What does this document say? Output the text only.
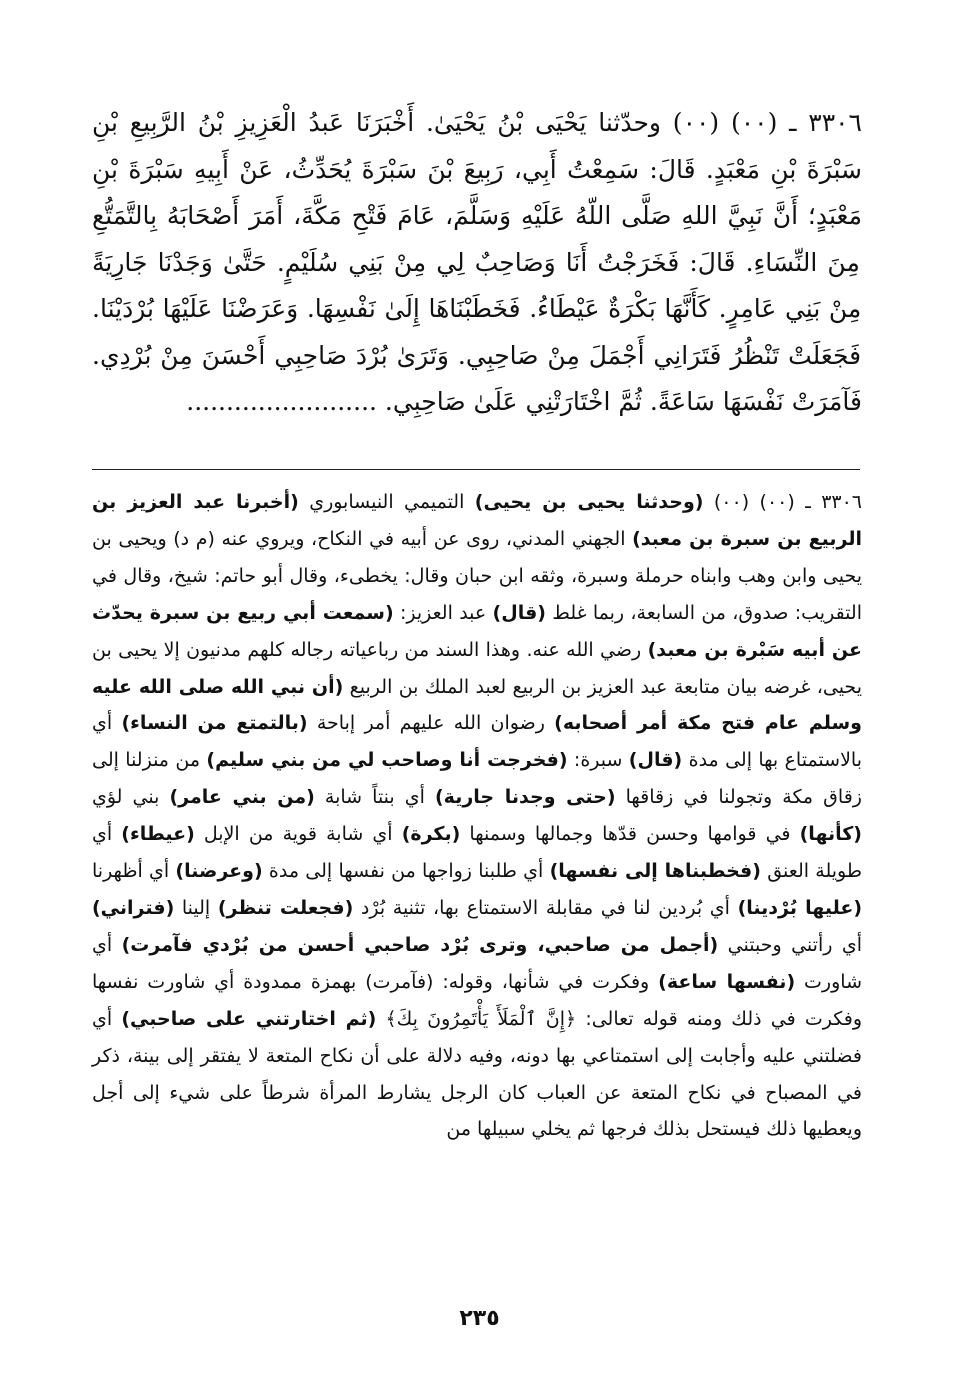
٣٣٠٦ ـ (٠٠) (٠٠) وحدّثنا يَحْيَى بْنُ يَحْيَىٰ. أَخْبَرَنَا عَبدُ الْعَزِيزِ بْنُ الرَّبِيعِ بْنِ سَبْرَةَ بْنِ مَعْبَدٍ. قَالَ: سَمِعْتُ أَبِي، رَبِيعَ بْنَ سَبْرَةَ يُحَدِّثُ، عَنْ أَبِيهِ سَبْرَةَ بْنِ مَعْبَدٍ؛ أَنَّ نَبِيَّ اللهِ صَلَّى اللّهُ عَلَيْهِ وَسَلَّمَ، عَامَ فَتْحِ مَكَّةَ، أَمَرَ أَصْحَابَهُ بِالتَّمَتُّعِ مِنَ النِّسَاءِ. قَالَ: فَخَرَجْتُ أَنَا وَصَاحِبٌ لِي مِنْ بَنِي سُلَيْمٍ. حَتَّىٰ وَجَدْنَا جَارِيَةً مِنْ بَنِي عَامِرٍ. كَأَنَّهَا بَكْرَةٌ عَيْطَاءُ. فَخَطَبْنَاهَا إِلَىٰ نَفْسِهَا. وَعَرَضْنَا عَلَيْهَا بُرْدَيْنَا. فَجَعَلَتْ تَنْظُرُ فَتَرَانِي أَجْمَلَ مِنْ صَاحِبِي. وَتَرَىٰ بُرْدَ صَاحِبِي أَحْسَنَ مِنْ بُرْدِي. فَآمَرَتْ نَفْسَهَا سَاعَةً. ثُمَّ اخْتَارَتْنِي عَلَىٰ صَاحِبِي. ........................

٣٣٠٦ ـ (٠٠) (٠٠) (وحدثنا يحيى بن يحيى) التميمي النيسابوري (أخبرنا عبد العزيز بن الربيع بن سبرة بن معبد) الجهني المدني، روى عن أبيه في النكاح، ويروي عنه (م د) ويحيى بن يحيى وابن وهب وابناه حرملة وسبرة، وثقه ابن حبان وقال: يخطىء، وقال أبو حاتم: شيخ، وقال في التقريب: صدوق، من السابعة، ربما غلط (قال) عبد العزيز: (سمعت أبي ربيع بن سبرة يحدّث عن أبيه سَبْرة بن معبد) رضي الله عنه. وهذا السند من رباعياته رجاله كلهم مدنيون إلا يحيى بن يحيى، غرضه بيان متابعة عبد العزيز بن الربيع لعبد الملك بن الربيع (أن نبي الله صلى الله عليه وسلم عام فتح مكة أمر أصحابه) رضوان الله عليهم أمر إباحة (بالتمتع من النساء) أي بالاستمتاع بها إلى مدة (قال) سبرة: (فخرجت أنا وصاحب لي من بني سليم) من منزلنا إلى زقاق مكة وتجولنا في زقاقها (حتى وجدنا جارية) أي بنتاً شابة (من بني عامر) بني لؤي (كأنها) في قوامها وحسن قدّها وجمالها وسمنها (بكرة) أي شابة قوية من الإبل (عيطاء) أي طويلة العنق (فخطبناها إلى نفسها) أي طلبنا زواجها من نفسها إلى مدة (وعرضنا) أي أظهرنا (عليها بُرْدينا) أي بُردين لنا في مقابلة الاستمتاع بها، تثنية بُرْد (فجعلت تنظر) إلينا (فتراني) أي رأتني وحبتني (أجمل من صاحبي، وترى بُرْد صاحبي أحسن من بُرْدي فآمرت) أي شاورت (نفسها ساعة) وفكرت في شأنها، وقوله: (فآمرت) بهمزة ممدودة أي شاورت نفسها وفكرت في ذلك ومنه قوله تعالى: ﴿إِنَّ ٱلْمَلَأَ يَأْتَمِرُونَ بِكَ﴾ (ثم اختارتني على صاحبي) أي فضلتني عليه وأجابت إلى استمتاعي بها دونه، وفيه دلالة على أن نكاح المتعة لا يفتقر إلى بينة، ذكر في المصباح في نكاح المتعة عن العباب كان الرجل يشارط المرأة شرطاً على شيء إلى أجل ويعطيها ذلك فيستحل بذلك فرجها ثم يخلي سبيلها من

٢٣٥
